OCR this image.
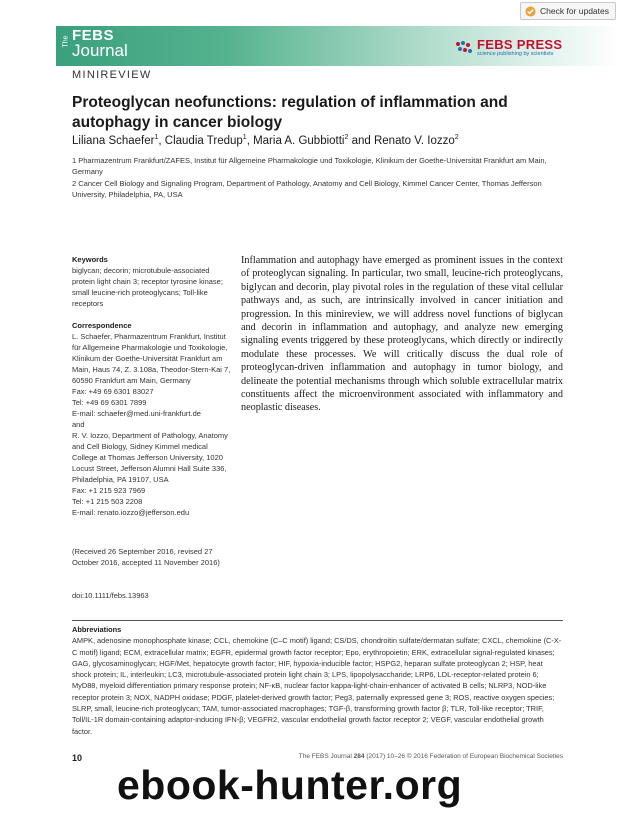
Check for updates
The FEBS
Journal	FEBS PRESS
science publishing by scientists
MINIREVIEW
Proteoglycan neofunctions: regulation of inflammation and autophagy in cancer biology
Liliana Schaefer$^1$, Claudia Tredup$^1$, Maria A. Gubbiotti$^2$ and Renato V. Iozzo$^2$
1 Pharmazentrum Frankfurt/ZAFES, Institut für Allgemeine Pharmakologie und Toxikologie, Klinikum der Goethe-Universität Frankfurt am Main, Germany
2 Cancer Cell Biology and Signaling Program, Department of Pathology, Anatomy and Cell Biology, Kimmel Cancer Center, Thomas Jefferson University, Philadelphia, PA, USA
Keywords
biglycan; decorin; microtubule-associated protein light chain 3; receptor tyrosine kinase; small leucine-rich proteoglycans; Toll-like receptors
Correspondence
L. Schaefer, Pharmazentrum Frankfurt, Institut für Allgemeine Pharmakologie und Toxikologie, Klinikum der Goethe-Universität Frankfurt am Main, Haus 74, Z. 3.108a, Theodor-Stern-Kai 7, 60590 Frankfurt am Main, Germany
Fax: +49 69 6301 83027
Tel: +49 69 6301 7899
E-mail: schaefer@med.uni-frankfurt.de
and
R. V. Iozzo, Department of Pathology, Anatomy and Cell Biology, Sidney Kimmel medical College at Thomas Jefferson University, 1020 Locust Street, Jefferson Alumni Hall Suite 336, Philadelphia, PA 19107, USA
Fax: +1 215 923 7969
Tel: +1 215 503 2208
E-mail: renato.iozzo@jefferson.edu
(Received 26 September 2016, revised 27 October 2016, accepted 11 November 2016)
doi:10.1111/febs.13963
Inflammation and autophagy have emerged as prominent issues in the context of proteoglycan signaling. In particular, two small, leucine-rich proteoglycans, biglycan and decorin, play pivotal roles in the regulation of these vital cellular pathways and, as such, are intrinsically involved in cancer initiation and progression. In this minireview, we will address novel functions of biglycan and decorin in inflammation and autophagy, and analyze new emerging signaling events triggered by these proteoglycans, which directly or indirectly modulate these processes. We will critically discuss the dual role of proteoglycan-driven inflammation and autophagy in tumor biology, and delineate the potential mechanisms through which soluble extracellular matrix constituents affect the microenvironment associated with inflammatory and neoplastic diseases.
Abbreviations
AMPK, adenosine monophosphate kinase; CCL, chemokine (C–C motif) ligand; CS/DS, chondroitin sulfate/dermatan sulfate; CXCL, chemokine (C-X-C motif) ligand; ECM, extracellular matrix; EGFR, epidermal growth factor receptor; Epo, erythropoietin; ERK, extracellular signal-regulated kinases; GAG, glycosaminoglycan; HGF/Met, hepatocyte growth factor; HIF, hypoxia-inducible factor; HSPG2, heparan sulfate proteoglycan 2; HSP, heat shock protein; IL, interleukin; LC3, microtubule-associated protein light chain 3; LPS, lipopolysaccharide; LRP6, LDL-receptor-related protein 6; MyD88, myeloid differentiation primary response protein; NF-κB, nuclear factor kappa-light-chain-enhancer of activated B cells; NLRP3, NOD-like receptor protein 3; NOX, NADPH oxidase; PDGF, platelet-derived growth factor; Peg3, paternally expressed gene 3; ROS, reactive oxygen species; SLRP, small, leucine-rich proteoglycan; TAM, tumor-associated macrophages; TGF-β, transforming growth factor β; TLR, Toll-like receptor; TRIF, Toll/IL-1R domain-containing adaptor-inducing IFN-β; VEGFR2, vascular endothelial growth factor receptor 2; VEGF, vascular endothelial growth factor.
10	The FEBS Journal 284 (2017) 10–26 © 2016 Federation of European Biochemical Societies
ebook-hunter.org
